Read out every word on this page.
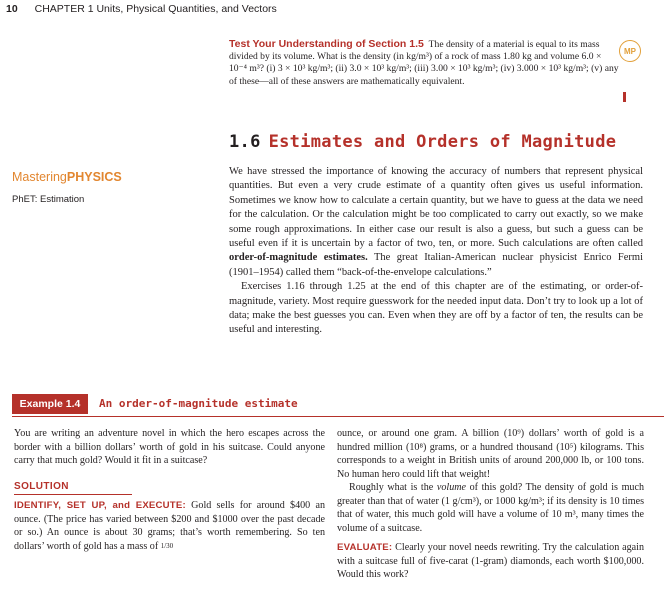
10 CHAPTER 1 Units, Physical Quantities, and Vectors
Test Your Understanding of Section 1.5 The density of a material is equal to its mass divided by its volume. What is the density (in kg/m³) of a rock of mass 1.80 kg and volume 6.0 × 10⁻⁴ m³? (i) 3 × 10³ kg/m³; (ii) 3.0 × 10³ kg/m³; (iii) 3.00 × 10³ kg/m³; (iv) 3.000 × 10³ kg/m³; (v) any of these—all of these answers are mathematically equivalent.
MP
1.6 Estimates and Orders of Magnitude
MasteringPHYSICS
PhET: Estimation

We have stressed the importance of knowing the accuracy of numbers that represent physical quantities. But even a very crude estimate of a quantity often gives us useful information. Sometimes we know how to calculate a certain quantity, but we have to guess at the data we need for the calculation. Or the calculation might be too complicated to carry out exactly, so we make some rough approximations. In either case our result is also a guess, but such a guess can be useful even if it is uncertain by a factor of two, ten, or more. Such calculations are often called order-of-magnitude estimates. The great Italian-American nuclear physicist Enrico Fermi (1901–1954) called them “back-of-the-envelope calculations.”

Exercises 1.16 through 1.25 at the end of this chapter are of the estimating, or order-of-magnitude, variety. Most require guesswork for the needed input data. Don’t try to look up a lot of data; make the best guesses you can. Even when they are off by a factor of ten, the results can be useful and interesting.

Example 1.4	An order-of-magnitude estimate

You are writing an adventure novel in which the hero escapes across the border with a billion dollars’ worth of gold in his suitcase. Could anyone carry that much gold? Would it fit in a suitcase?

SOLUTION

IDENTIFY, SET UP, and EXECUTE: Gold sells for around $400 an ounce. (The price has varied between $200 and $1000 over the past decade or so.) An ounce is about 30 grams; that’s worth remembering. So ten dollars’ worth of gold has a mass of 1/30

ounce, or around one gram. A billion (10⁹) dollars’ worth of gold is a hundred million (10⁸) grams, or a hundred thousand (10⁵) kilograms. This corresponds to a weight in British units of around 200,000 lb, or 100 tons. No human hero could lift that weight!

Roughly what is the volume of this gold? The density of gold is much greater than that of water (1 g/cm³), or 1000 kg/m³; if its density is 10 times that of water, this much gold will have a volume of 10 m³, many times the volume of a suitcase.

EVALUATE: Clearly your novel needs rewriting. Try the calculation again with a suitcase full of five-carat (1-gram) diamonds, each worth $100,000. Would this work?
